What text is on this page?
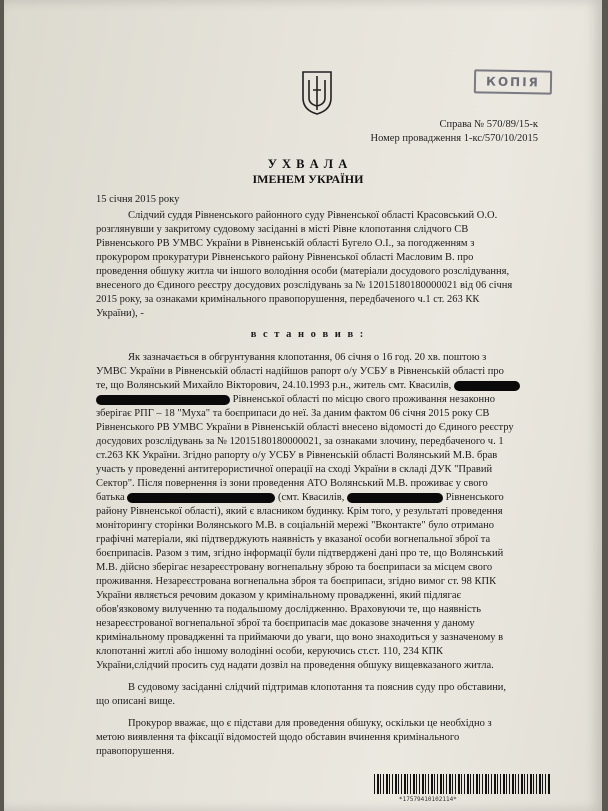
КОПІЯ
Справа № 570/89/15-к
Номер провадження 1-кс/570/10/2015
У Х В А Л А
ІМЕНЕМ УКРАЇНИ
15 січня 2015 року
Слідчий суддя Рівненського районного суду Рівненської області Красовський О.О.
розглянувши у закритому судовому засіданні в місті Рівне клопотання слідчого СВ
Рівненського РВ УМВС України в Рівненській області Бугело О.І., за погодженням з
прокурором прокуратури Рівненського району Рівненської області Масловим В. про
проведення обшуку житла чи іншого володіння особи (матеріали досудового розслідування,
внесеного до Єдиного реєстру досудових розслідувань за № 12015180180000021 від 06 січня
2015 року, за ознаками кримінального правопорушення, передбаченого ч.1 ст. 263 КК
України), -
в с т а н о в и в :
Як зазначається в обгрунтування клопотання, 06 січня о 16 год. 20 хв. поштою з
УМВС України в Рівненській області надійшов рапорт о/у УСБУ в Рівненській області про
те, що Волянський Михайло Вікторович, 24.10.1993 р.н., житель смт. Квасилів,
Рівненської області по місцю свого проживання незаконно
зберігає РПГ – 18 "Муха" та боєприпаси до неї. За даним фактом 06 січня 2015 року СВ
Рівненського РВ УМВС України в Рівненській області внесено відомості до Єдиного реєстру
досудових розслідувань за № 12015180180000021, за ознаками злочину, передбаченого ч. 1
ст.263 КК України. Згідно рапорту о/у УСБУ в Рівненській області Волянський М.В. брав
участь у проведенні антитерористичної операції на сході України в складі ДУК "Правий
Сектор". Після повернення із зони проведення АТО Волянський М.В. проживає у свого
батька	(смт. Квасилів,	Рівненського
району Рівненської області), який є власником будинку. Крім того, у результаті проведення
моніторингу сторінки Волянського М.В. в соціальній мережі "Вконтакте" було отримано
графічні матеріали, які підтверджують наявність у вказаної особи вогнепальної зброї та
боєприпасів. Разом з тим, згідно інформації були підтверджені дані про те, що Волянський
М.В. дійсно зберігає незареєстровану вогнепальну зброю та боєприпаси за місцем свого
проживання. Незареєстрована вогнепальна зброя та боєприпаси, згідно вимог ст. 98 КПК
України являється речовим доказом у кримінальному провадженні, який підлягає
обов'язковому вилученню та подальшому дослідженню. Враховуючи те, що наявність
незареєстрованої вогнепальної зброї та боєприпасів має доказове значення у даному
кримінальному провадженні та приймаючи до уваги, що воно знаходиться у зазначеному в
клопотанні житлі або іншому володінні особи, керуючись ст.ст. 110, 234 КПК
України,слідчий просить суд надати дозвіл на проведення обшуку вищевказаного житла.
В судовому засіданні слідчий підтримав клопотання та пояснив суду про обставини,
що описані вище.
Прокурор вважає, що є підстави для проведення обшуку, оскільки це необхідно з
метою виявлення та фіксації відомостей щодо обставин вчинення кримінального
правопорушення.
*17579410102114*
